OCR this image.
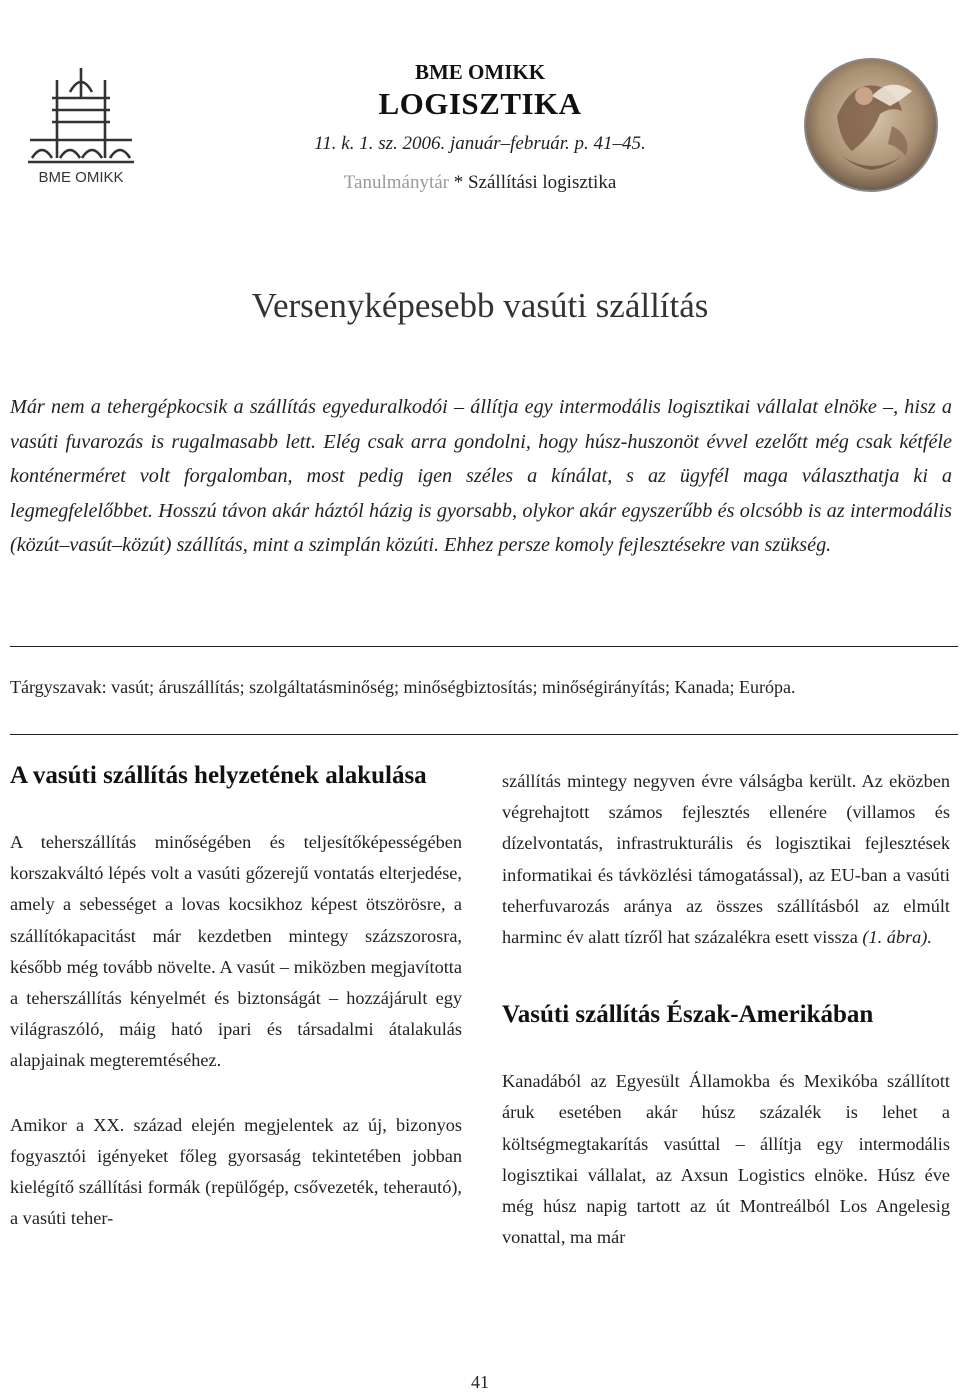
BME OMIKK
BME OMIKK
LOGISZTIKA
11. k. 1. sz. 2006. január–február. p. 41–45.
Tanulmánytár * Szállítási logisztika
Versenyképesebb vasúti szállítás
Már nem a tehergépkocsik a szállítás egyeduralkodói – állítja egy intermodális logisztikai vállalat elnöke –, hisz a vasúti fuvarozás is rugalmasabb lett. Elég csak arra gondolni, hogy húsz-huszonöt évvel ezelőtt még csak kétféle konténerméret volt forgalomban, most pedig igen széles a kínálat, s az ügyfél maga választhatja ki a legmegfelelőbbet. Hosszú távon akár háztól házig is gyorsabb, olykor akár egyszerűbb és olcsóbb is az intermodális (közút–vasút–közút) szállítás, mint a szimplán közúti. Ehhez persze komoly fejlesztésekre van szükség.
Tárgyszavak: vasút; áruszállítás; szolgáltatásminőség; minőségbiztosítás; minőségirányítás; Kanada; Európa.
A vasúti szállítás helyzetének alakulása

A teherszállítás minőségében és teljesítőképességében korszakváltó lépés volt a vasúti gőzerejű vontatás elterjedése, amely a sebességet a lovas kocsikhoz képest ötszörösre, a szállítókapacitást már kezdetben mintegy százszorosra, később még tovább növelte. A vasút – miközben megjavította a teherszállítás kényelmét és biztonságát – hozzájárult egy világraszóló, máig ható ipari és társadalmi átalakulás alapjainak megteremtéséhez.

Amikor a XX. század elején megjelentek az új, bizonyos fogyasztói igényeket főleg gyorsaság tekintetében jobban kielégítő szállítási formák (repülőgép, csővezeték, teherautó), a vasúti teher-

szállítás mintegy negyven évre válságba került. Az eközben végrehajtott számos fejlesztés ellenére (villamos és dízelvontatás, infrastrukturális és logisztikai fejlesztések informatikai és távközlési támogatással), az EU-ban a vasúti teherfuvarozás aránya az összes szállításból az elmúlt harminc év alatt tízről hat százalékra esett vissza (1. ábra).

Vasúti szállítás Észak-Amerikában

Kanadából az Egyesült Államokba és Mexikóba szállított áruk esetében akár húsz százalék is lehet a költségmegtakarítás vasúttal – állítja egy intermodális logisztikai vállalat, az Axsun Logistics elnöke. Húsz éve még húsz napig tartott az út Montreálból Los Angelesig vonattal, ma már

41
